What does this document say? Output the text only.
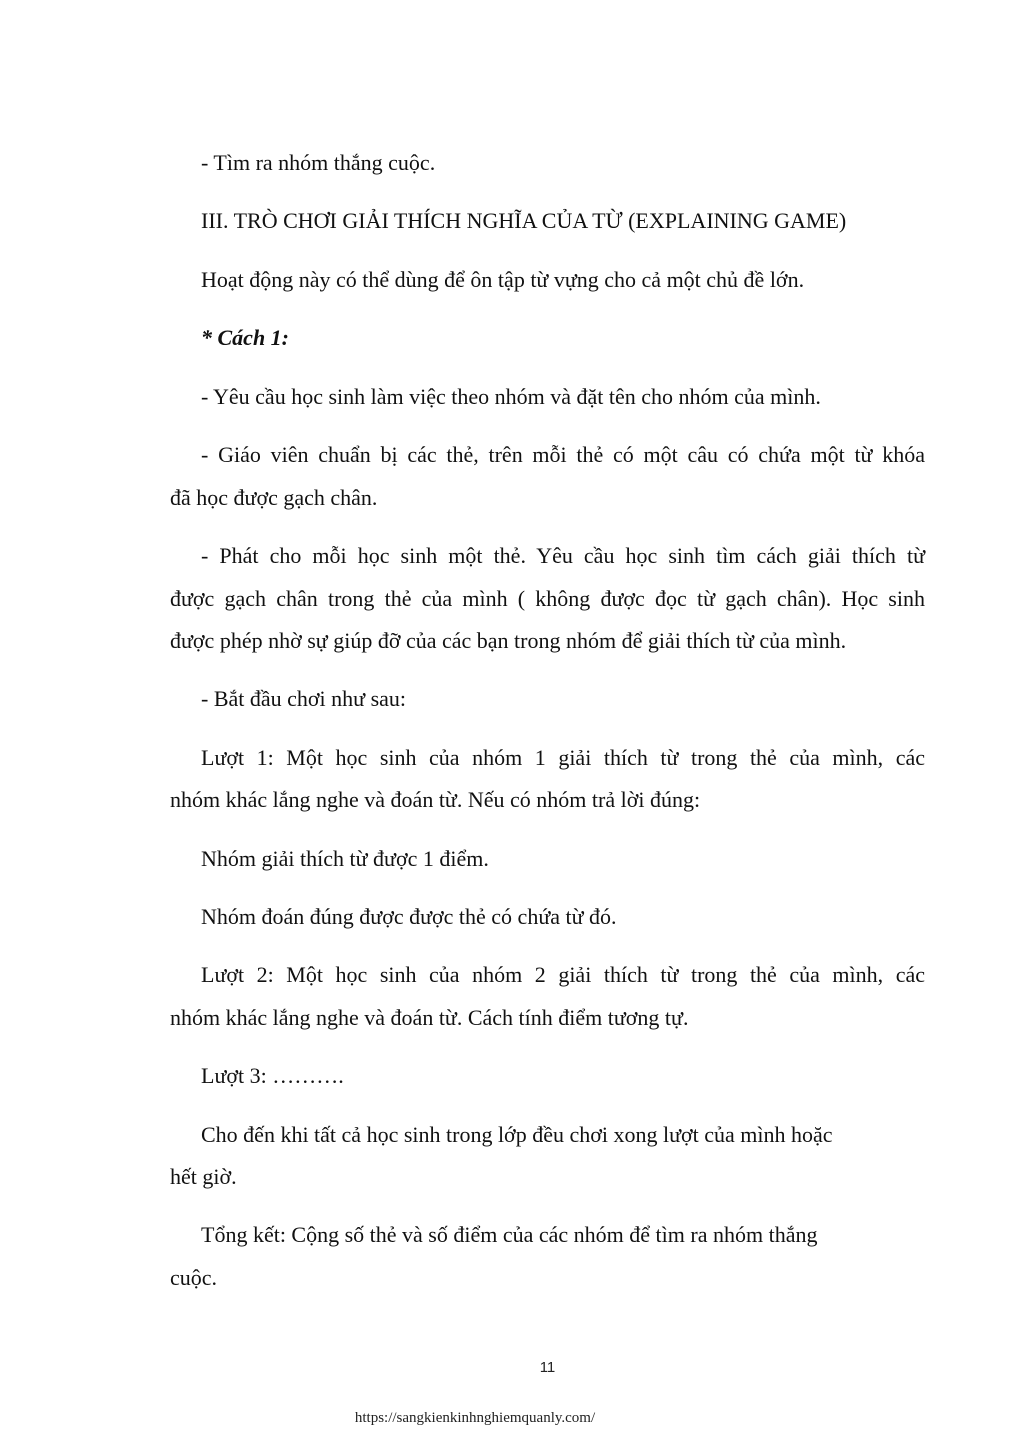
- Tìm ra nhóm thắng cuộc.

III. TRÒ CHƠI GIẢI THÍCH NGHĨA CỦA TỪ (EXPLAINING GAME)

Hoạt động này có thể dùng để ôn tập từ vựng cho cả một chủ đề lớn.

* Cách 1:

- Yêu cầu học sinh làm việc theo nhóm và đặt tên cho nhóm của mình.

- Giáo viên chuẩn bị các thẻ, trên mỗi thẻ có một câu có chứa một từ khóa

đã học được gạch chân.

- Phát cho mỗi học sinh một thẻ. Yêu cầu học sinh tìm cách giải thích từ

được gạch chân trong thẻ của mình ( không được đọc từ gạch chân). Học sinh

được phép nhờ sự giúp đỡ của các bạn trong nhóm để giải thích từ của mình.

- Bắt đầu chơi như sau:

Lượt 1: Một học sinh của nhóm 1 giải thích từ trong thẻ của mình, các

nhóm khác lắng nghe và đoán từ. Nếu có nhóm trả lời đúng:

Nhóm giải thích từ được 1 điểm.

Nhóm đoán đúng được được thẻ có chứa từ đó.

Lượt 2: Một học sinh của nhóm 2 giải thích từ trong thẻ của mình, các

nhóm khác lắng nghe và đoán từ. Cách tính điểm tương tự.

Lượt 3: ……….

Cho đến khi tất cả học sinh trong lớp đều chơi xong lượt của mình hoặc

hết giờ.

Tổng kết: Cộng số thẻ và số điểm của các nhóm để tìm ra nhóm thắng

cuộc.

11
https://sangkienkinhnghiemquanly.com/
